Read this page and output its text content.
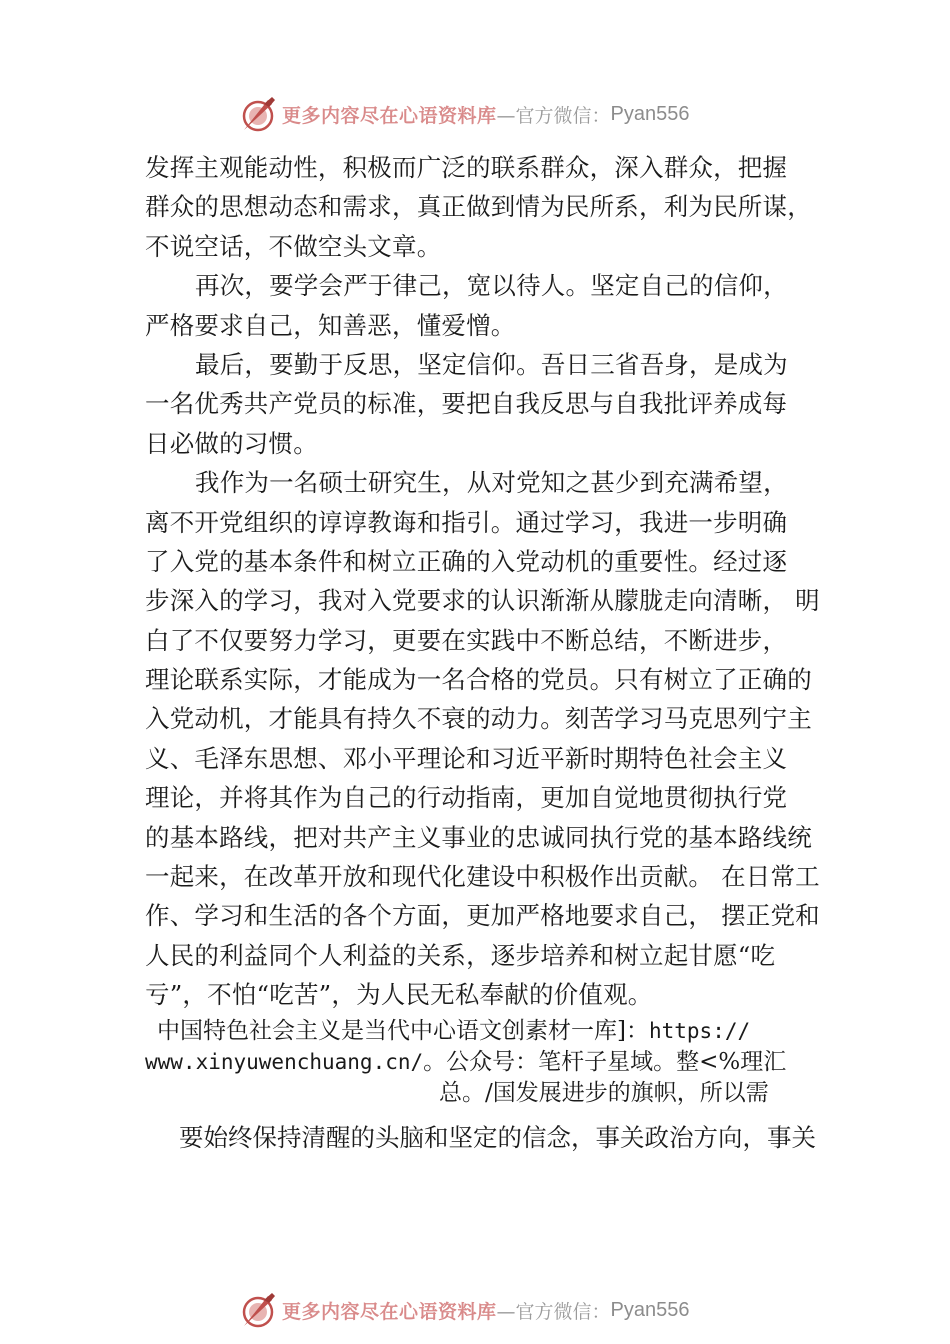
更多内容尽在心语资料库 —官方微信： Pyan556
发挥主观能动性，积极而广泛的联系群众，深入群众，把握
群众的思想动态和需求，真正做到情为民所系，利为民所谋，
不说空话，不做空头文章。
再次，要学会严于律己，宽以待人。坚定自己的信仰，
严格要求自己，知善恶，懂爱憎。
最后，要勤于反思，坚定信仰。吾日三省吾身，是成为
一名优秀共产党员的标准，要把自我反思与自我批评养成每
日必做的习惯。
我作为一名硕士研究生，从对党知之甚少到充满希望，
离不开党组织的谆谆教诲和指引。通过学习，我进一步明确
了入党的基本条件和树立正确的入党动机的重要性。经过逐
步深入的学习，我对入党要求的认识渐渐从朦胧走向清晰， 明
白了不仅要努力学习，更要在实践中不断总结，不断进步，
理论联系实际，才能成为一名合格的党员。只有树立了正确的
入党动机，才能具有持久不衰的动力。刻苦学习马克思列宁主
义、毛泽东思想、邓小平理论和习近平新时期特色社会主义
理论，并将其作为自己的行动指南，更加自觉地贯彻执行党
的基本路线，把对共产主义事业的忠诚同执行党的基本路线统
一起来，在改革开放和现代化建设中积极作出贡献。 在日常工
作、学习和生活的各个方面，更加严格地要求自己， 摆正党和
人民的利益同个人利益的关系，逐步培养和树立起甘愿“吃
亏”，不怕“吃苦”，为人民无私奉献的价值观。
中国特色社会主义是当代中心语文创素材一库]：https://
www.xinyuwenchuang.cn/。公众号：笔杆子星域。整<%理汇
总。/国发展进步的旗帜，所以需
要始终保持清醒的头脑和坚定的信念，事关政治方向，事关
更多内容尽在心语资料库 —官方微信： Pyan556
